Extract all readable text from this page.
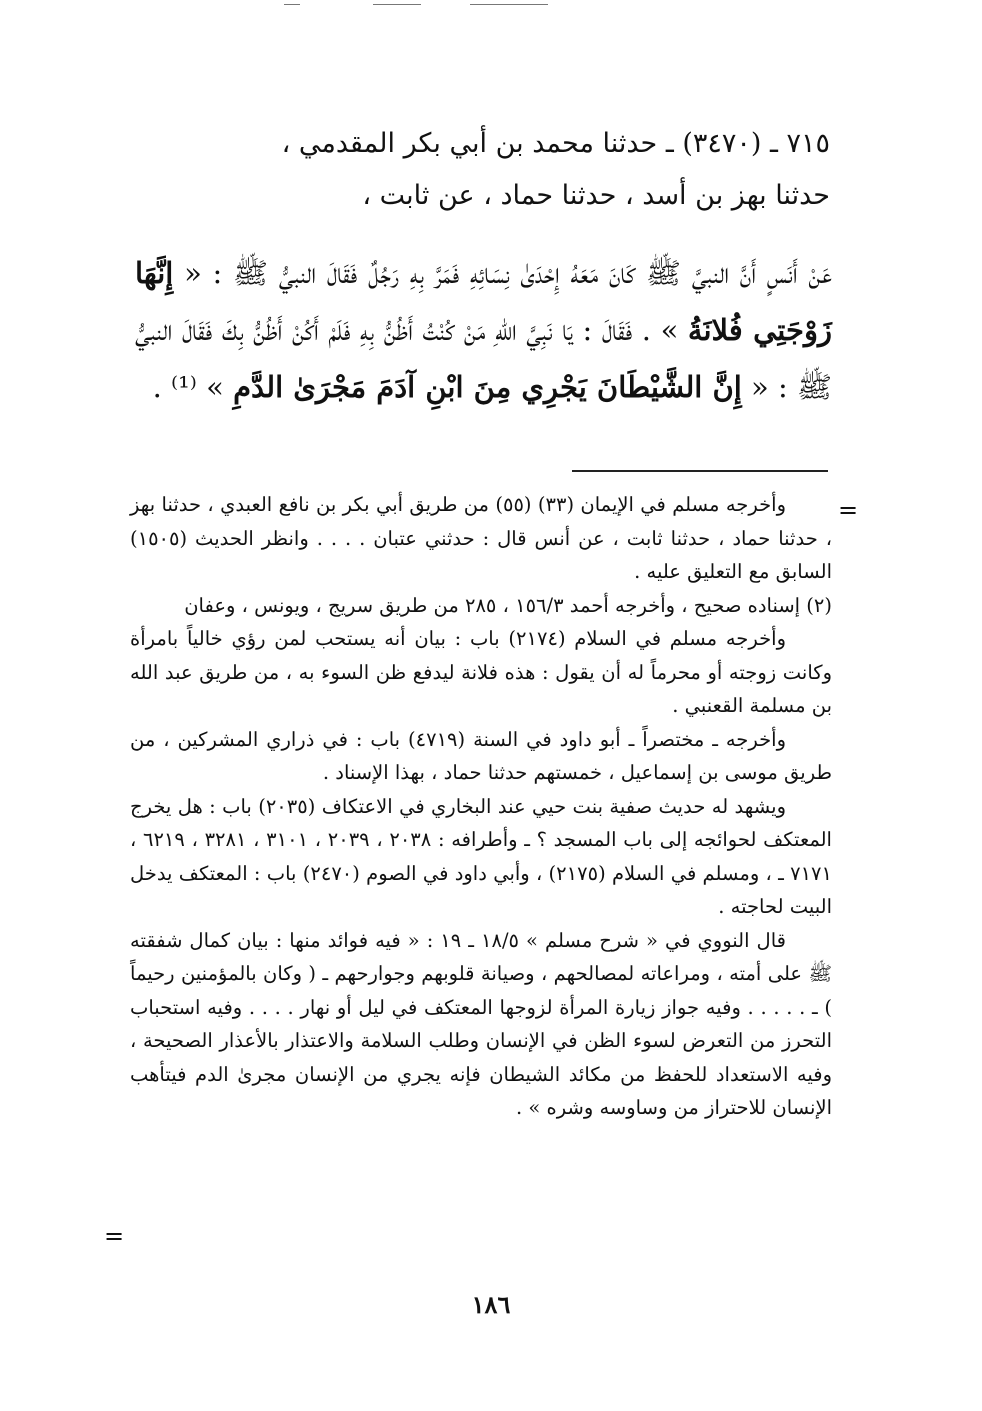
٧١٥ ـ (٣٤٧٠) ـ حدثنا محمد بن أبي بكر المقدمي ،

حدثنا بهز بن أسد ، حدثنا حماد ، عن ثابت ،

عَنْ أَنَسٍ أَنَّ النبيَّ ﷺ كَانَ مَعَهُ إِحْدَىٰ نِسَائِهِ فَمَرَّ بِهِ رَجُلٌ فَقَالَ النبيُّ ﷺ : « إِنَّهَا زَوْجَتِي فُلانَةُ » . فَقَالَ : يَا نَبِيَّ اللهِ مَنْ كُنْتُ أَظُنُّ بِهِ فَلَمْ أَكُنْ أَظُنُّ بِكَ فَقَالَ النبيُّ ﷺ : « إِنَّ الشَّيْطَانَ يَجْرِي مِنَ ابْنِ آدَمَ مَجْرَىٰ الدَّمِ » ⁽¹⁾ .

وأخرجه مسلم في الإيمان (٣٣) (٥٥) من طريق أبي بكر بن نافع العبدي ، حدثنا بهز ، حدثنا حماد ، حدثنا ثابت ، عن أنس قال : حدثني عتبان . . . . وانظر الحديث (١٥٠٥) السابق مع التعليق عليه .

(٢) إسناده صحيح ، وأخرجه أحمد ١٥٦/٣ ، ٢٨٥ من طريق سريج ، ويونس ، وعفان

وأخرجه مسلم في السلام (٢١٧٤) باب : بيان أنه يستحب لمن رؤي خالياً بامرأة وكانت زوجته أو محرماً له أن يقول : هذه فلانة ليدفع ظن السوء به ، من طريق عبد الله بن مسلمة القعنبي .

وأخرجه ـ مختصراً ـ أبو داود في السنة (٤٧١٩) باب : في ذراري المشركين ، من طريق موسى بن إسماعيل ، خمستهم حدثنا حماد ، بهذا الإسناد .

ويشهد له حديث صفية بنت حيي عند البخاري في الاعتكاف (٢٠٣٥) باب : هل يخرج المعتكف لحوائجه إلى باب المسجد ؟ ـ وأطرافه : ٢٠٣٨ ، ٢٠٣٩ ، ٣١٠١ ، ٣٢٨١ ، ٦٢١٩ ، ٧١٧١ ـ ، ومسلم في السلام (٢١٧٥) ، وأبي داود في الصوم (٢٤٧٠) باب : المعتكف يدخل البيت لحاجته .

قال النووي في « شرح مسلم » ١٨/٥ ـ ١٩ : « فيه فوائد منها : بيان كمال شفقته ﷺ على أمته ، ومراعاته لمصالحهم ، وصيانة قلوبهم وجوارحهم ـ ( وكان بالمؤمنين رحيماً ) ـ . . . . . وفيه جواز زيارة المرأة لزوجها المعتكف في ليل أو نهار . . . . وفيه استحباب التحرز من التعرض لسوء الظن في الإنسان وطلب السلامة والاعتذار بالأعذار الصحيحة ، وفيه الاستعداد للحفظ من مكائد الشيطان فإنه يجري من الإنسان مجرىٰ الدم فيتأهب الإنسان للاحتراز من وساوسه وشره » .

=
=
١٨٦
